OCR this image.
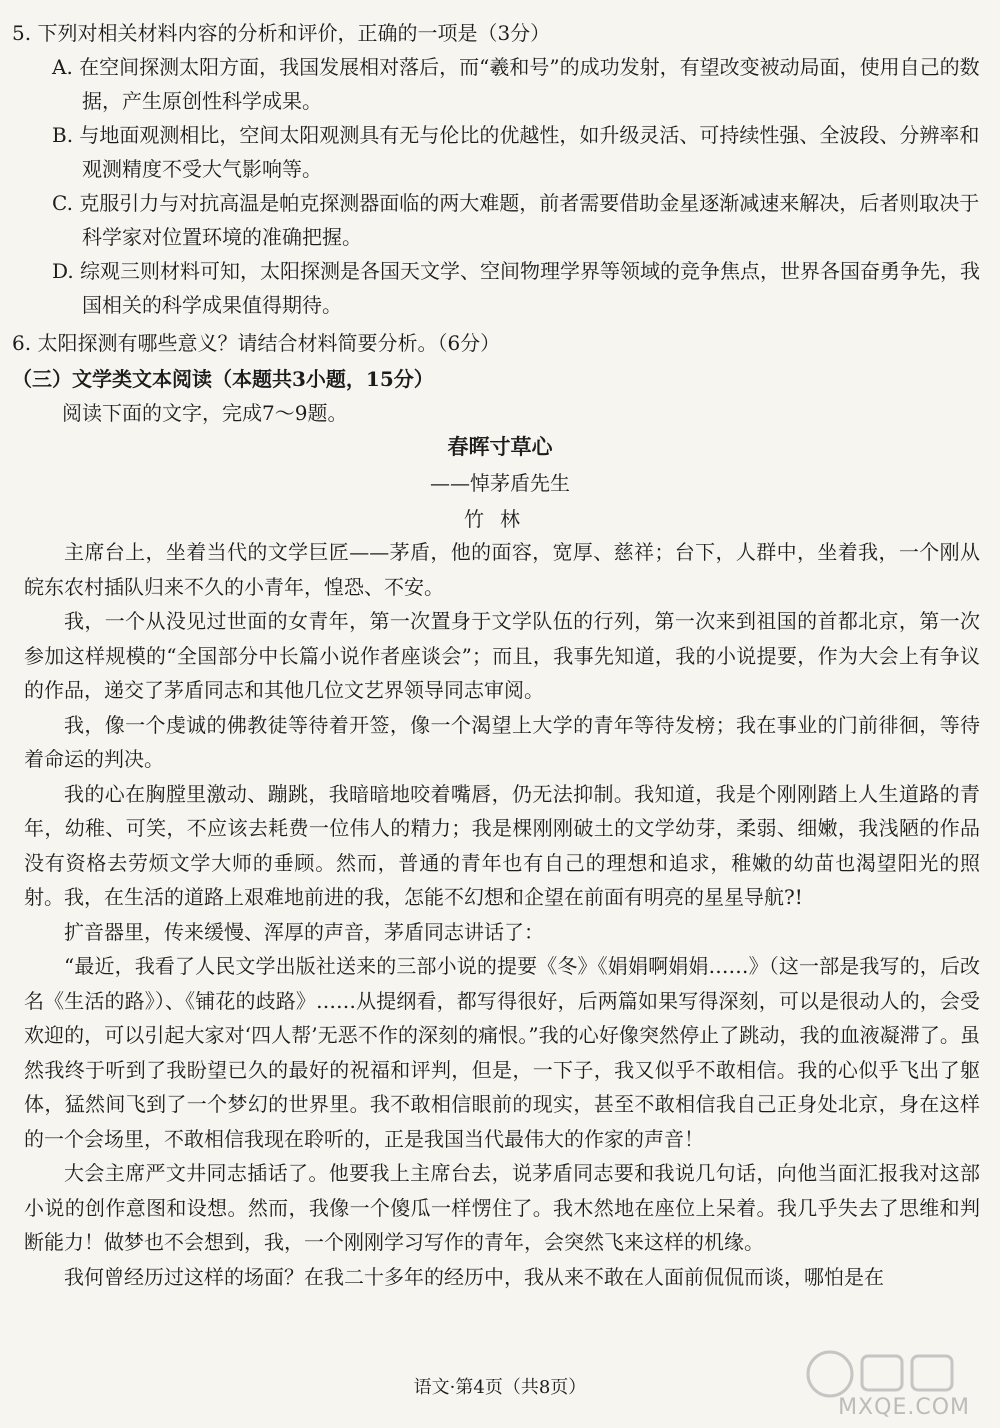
5. 下列对相关材料内容的分析和评价，正确的一项是（3分）

A. 在空间探测太阳方面，我国发展相对落后，而“羲和号”的成功发射，有望改变被动局面，使用自己的数据，产生原创性科学成果。

B. 与地面观测相比，空间太阳观测具有无与伦比的优越性，如升级灵活、可持续性强、全波段、分辨率和观测精度不受大气影响等。

C. 克服引力与对抗高温是帕克探测器面临的两大难题，前者需要借助金星逐渐减速来解决，后者则取决于科学家对位置环境的准确把握。

D. 综观三则材料可知，太阳探测是各国天文学、空间物理学界等领域的竞争焦点，世界各国奋勇争先，我国相关的科学成果值得期待。

6. 太阳探测有哪些意义？请结合材料简要分析。（6分）
（三）文学类文本阅读（本题共3小题，15分）
阅读下面的文字，完成7～9题。
春晖寸草心
——悼茅盾先生
竹林

主席台上，坐着当代的文学巨匠——茅盾，他的面容，宽厚、慈祥；台下，人群中，坐着我，一个刚从皖东农村插队归来不久的小青年，惶恐、不安。

我，一个从没见过世面的女青年，第一次置身于文学队伍的行列，第一次来到祖国的首都北京，第一次参加这样规模的“全国部分中长篇小说作者座谈会”；而且，我事先知道，我的小说提要，作为大会上有争议的作品，递交了茅盾同志和其他几位文艺界领导同志审阅。

我，像一个虔诚的佛教徒等待着开签，像一个渴望上大学的青年等待发榜；我在事业的门前徘徊，等待着命运的判决。

我的心在胸膛里激动、蹦跳，我暗暗地咬着嘴唇，仍无法抑制。我知道，我是个刚刚踏上人生道路的青年，幼稚、可笑，不应该去耗费一位伟人的精力；我是棵刚刚破土的文学幼芽，柔弱、细嫩，我浅陋的作品没有资格去劳烦文学大师的垂顾。然而，普通的青年也有自己的理想和追求，稚嫩的幼苗也渴望阳光的照射。我，在生活的道路上艰难地前进的我，怎能不幻想和企望在前面有明亮的星星导航?!

扩音器里，传来缓慢、浑厚的声音，茅盾同志讲话了：

“最近，我看了人民文学出版社送来的三部小说的提要《冬》《娟娟啊娟娟……》（这一部是我写的，后改名《生活的路》）、《铺花的歧路》……从提纲看，都写得很好，后两篇如果写得深刻，可以是很动人的，会受欢迎的，可以引起大家对‘四人帮’无恶不作的深刻的痛恨。”我的心好像突然停止了跳动，我的血液凝滞了。虽然我终于听到了我盼望已久的最好的祝福和评判，但是，一下子，我又似乎不敢相信。我的心似乎飞出了躯体，猛然间飞到了一个梦幻的世界里。我不敢相信眼前的现实，甚至不敢相信我自己正身处北京，身在这样的一个会场里，不敢相信我现在聆听的，正是我国当代最伟大的作家的声音！

大会主席严文井同志插话了。他要我上主席台去，说茅盾同志要和我说几句话，向他当面汇报我对这部小说的创作意图和设想。然而，我像一个傻瓜一样愣住了。我木然地在座位上呆着。我几乎失去了思维和判断能力！做梦也不会想到，我，一个刚刚学习写作的青年，会突然飞来这样的机缘。

我何曾经历过这样的场面？在我二十多年的经历中，我从来不敢在人面前侃侃而谈，哪怕是在

语文·第4页（共8页）
MXQE.COM
